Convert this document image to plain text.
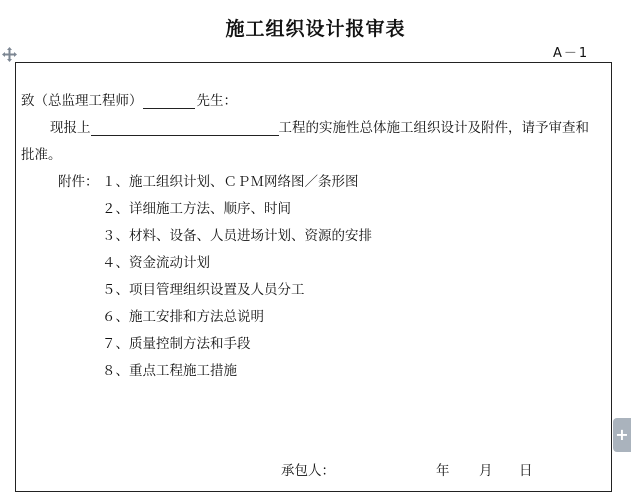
施工组织设计报审表
A－1
致（总监理工程师）	先生：
现报上	工程的实施性总体施工组织设计及附件，请予审查和
批准。
附件： １、施工组织计划、ＣＰＭ网络图／条形图
２、详细施工方法、顺序、时间
３、材料、设备、人员进场计划、资源的安排
４、资金流动计划
５、项目管理组织设置及人员分工
６、施工安排和方法总说明
７、质量控制方法和手段
８、重点工程施工措施
+
承包人：	年 月 日
